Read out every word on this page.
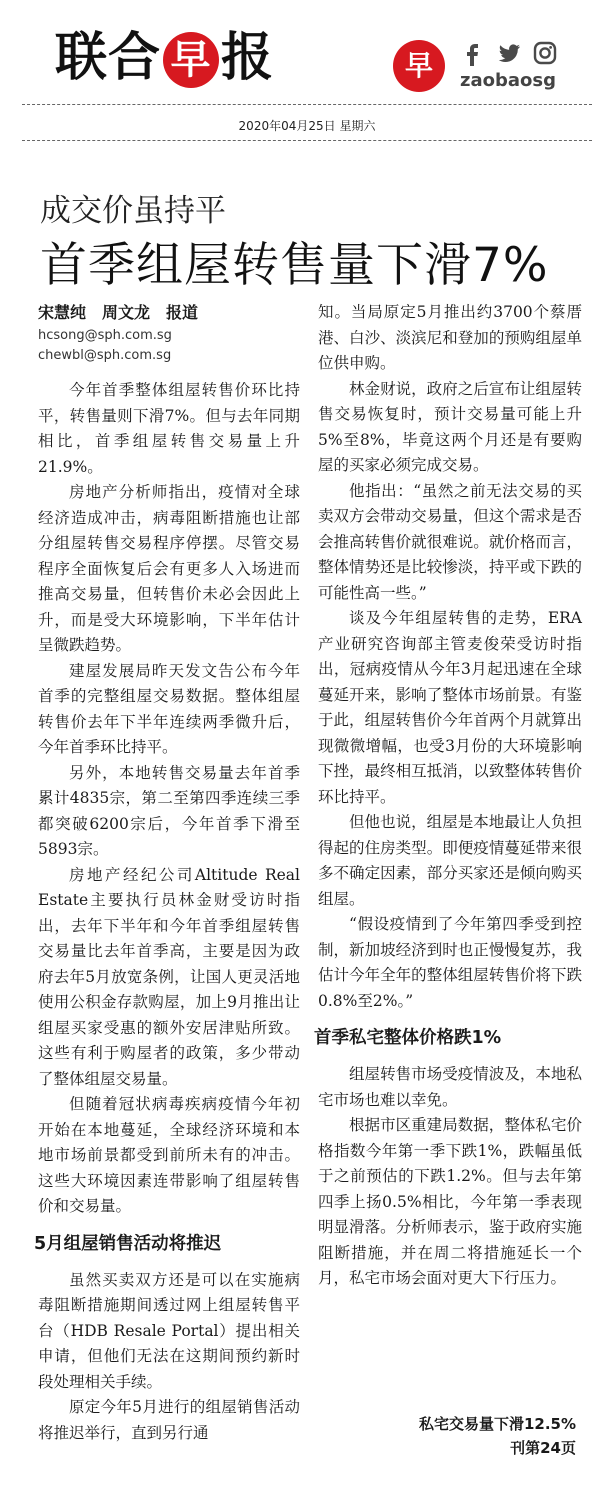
联合 早 报	早	zaobaosg
2020年04月25日 星期六
成交价虽持平
首季组屋转售量下滑7%
宋慧纯　周文龙　报道
hcsong@sph.com.sg
chewbl@sph.com.sg

今年首季整体组屋转售价环比持平，转售量则下滑7%。但与去年同期相比，首季组屋转售交易量上升21.9%。

房地产分析师指出，疫情对全球经济造成冲击，病毒阻断措施也让部分组屋转售交易程序停摆。尽管交易程序全面恢复后会有更多人入场进而推高交易量，但转售价未必会因此上升，而是受大环境影响，下半年估计呈微跌趋势。

建屋发展局昨天发文告公布今年首季的完整组屋交易数据。整体组屋转售价去年下半年连续两季微升后，今年首季环比持平。

另外，本地转售交易量去年首季累计4835宗，第二至第四季连续三季都突破6200宗后，今年首季下滑至5893宗。

房地产经纪公司Altitude Real Estate主要执行员林金财受访时指出，去年下半年和今年首季组屋转售交易量比去年首季高，主要是因为政府去年5月放宽条例，让国人更灵活地使用公积金存款购屋，加上9月推出让组屋买家受惠的额外安居津贴所致。这些有利于购屋者的政策，多少带动了整体组屋交易量。

但随着冠状病毒疾病疫情今年初开始在本地蔓延，全球经济环境和本地市场前景都受到前所未有的冲击。这些大环境因素连带影响了组屋转售价和交易量。

5月组屋销售活动将推迟

虽然买卖双方还是可以在实施病毒阻断措施期间透过网上组屋转售平台（HDB Resale Portal）提出相关申请，但他们无法在这期间预约新时段处理相关手续。

原定今年5月进行的组屋销售活动将推迟举行，直到另行通

知。当局原定5月推出约3700个蔡厝港、白沙、淡滨尼和登加的预购组屋单位供申购。

林金财说，政府之后宣布让组屋转售交易恢复时，预计交易量可能上升5%至8%，毕竟这两个月还是有要购屋的买家必须完成交易。

他指出：“虽然之前无法交易的买卖双方会带动交易量，但这个需求是否会推高转售价就很难说。就价格而言，整体情势还是比较惨淡，持平或下跌的可能性高一些。”

谈及今年组屋转售的走势，ERA产业研究咨询部主管麦俊荣受访时指出，冠病疫情从今年3月起迅速在全球蔓延开来，影响了整体市场前景。有鉴于此，组屋转售价今年首两个月就算出现微微增幅，也受3月份的大环境影响下挫，最终相互抵消，以致整体转售价环比持平。

但他也说，组屋是本地最让人负担得起的住房类型。即便疫情蔓延带来很多不确定因素，部分买家还是倾向购买组屋。

“假设疫情到了今年第四季受到控制，新加坡经济到时也正慢慢复苏，我估计今年全年的整体组屋转售价将下跌0.8%至2%。”

首季私宅整体价格跌1%

组屋转售市场受疫情波及，本地私宅市场也难以幸免。

根据市区重建局数据，整体私宅价格指数今年第一季下跌1%，跌幅虽低于之前预估的下跌1.2%。但与去年第四季上扬0.5%相比，今年第一季表现明显滑落。分析师表示，鉴于政府实施阻断措施，并在周二将措施延长一个月，私宅市场会面对更大下行压力。

私宅交易量下滑12.5%
刊第24页
